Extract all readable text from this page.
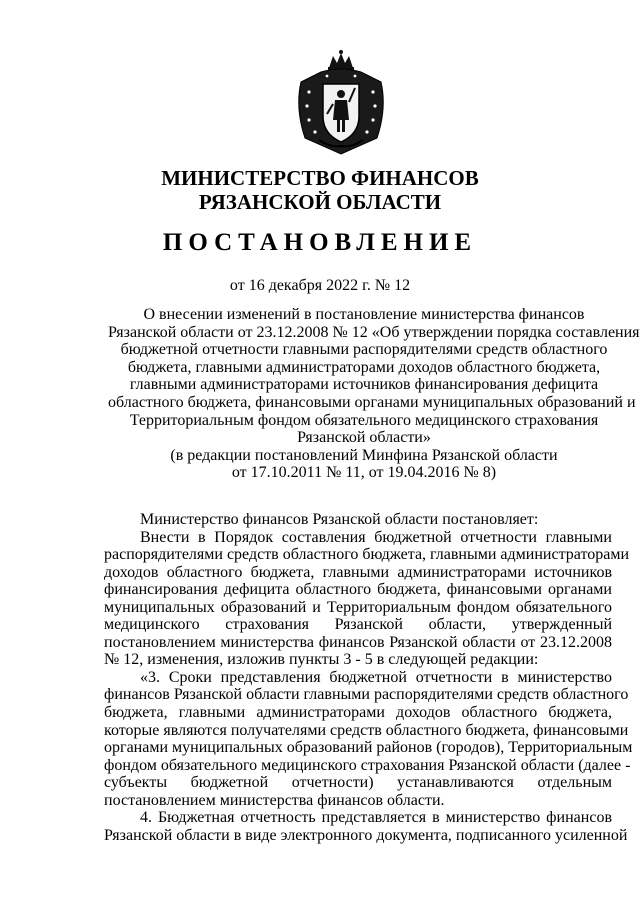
МИНИСТЕРСТВО ФИНАНСОВ
РЯЗАНСКОЙ ОБЛАСТИ
ПОСТАНОВЛЕНИЕ
от 16 декабря 2022 г. № 12
О внесении изменений в постановление министерства финансов
Рязанской области от 23.12.2008 № 12 «Об утверждении порядка составления
бюджетной отчетности главными распорядителями средств областного
бюджета, главными администраторами доходов областного бюджета,
главными администраторами источников финансирования дефицита
областного бюджета, финансовыми органами муниципальных образований и
Территориальным фондом обязательного медицинского страхования
Рязанской области»
(в редакции постановлений Минфина Рязанской области
от 17.10.2011 № 11, от 19.04.2016 № 8)
Министерство финансов Рязанской области постановляет:
Внести в Порядок составления бюджетной отчетности главными
распорядителями средств областного бюджета, главными администраторами
доходов областного бюджета, главными администраторами источников
финансирования дефицита областного бюджета, финансовыми органами
муниципальных образований и Территориальным фондом обязательного
медицинского страхования Рязанской области, утвержденный
постановлением министерства финансов Рязанской области от 23.12.2008
№ 12, изменения, изложив пункты 3 - 5 в следующей редакции:
«3. Сроки представления бюджетной отчетности в министерство
финансов Рязанской области главными распорядителями средств областного
бюджета, главными администраторами доходов областного бюджета,
которые являются получателями средств областного бюджета, финансовыми
органами муниципальных образований районов (городов), Территориальным
фондом обязательного медицинского страхования Рязанской области (далее -
субъекты бюджетной отчетности) устанавливаются отдельным
постановлением министерства финансов области.
4. Бюджетная отчетность представляется в министерство финансов
Рязанской области в виде электронного документа, подписанного усиленной
